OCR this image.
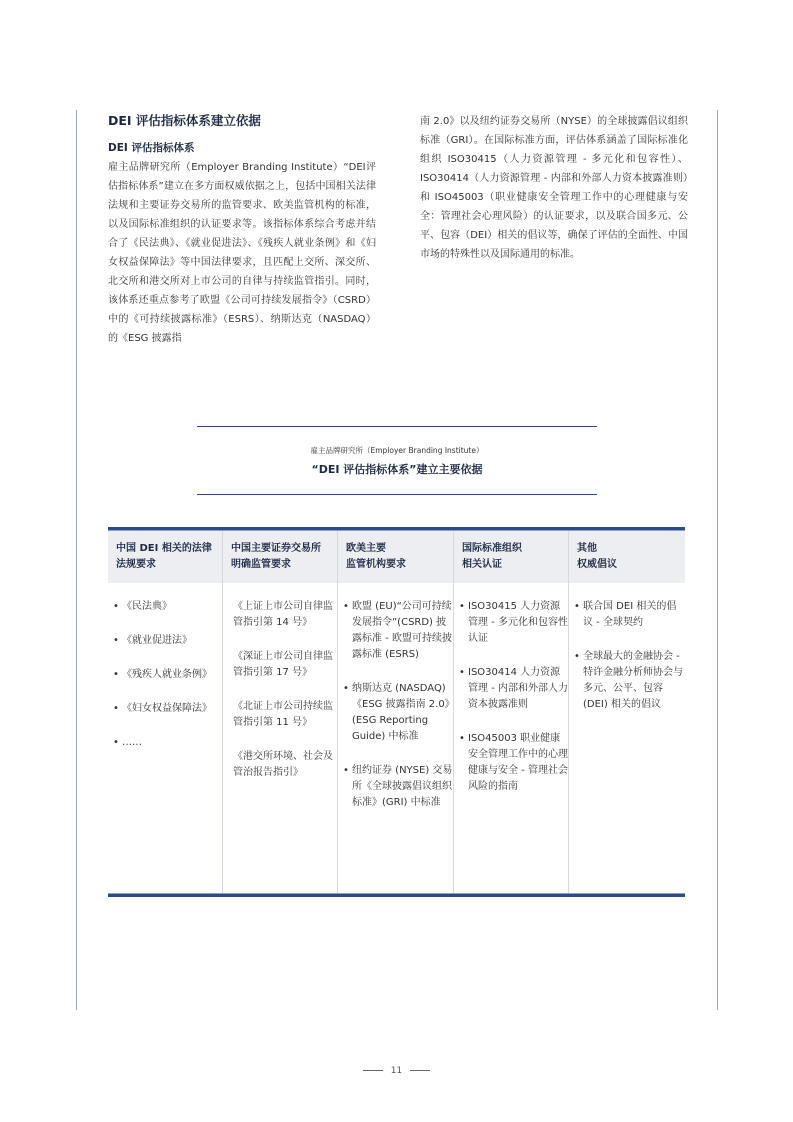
DEI 评估指标体系建立依据
DEI 评估指标体系

雇主品牌研究所（Employer Branding Institute）“DEI评估指标体系”建立在多方面权威依据之上，包括中国相关法律法规和主要证券交易所的监管要求、欧美监管机构的标准，以及国际标准组织的认证要求等。该指标体系综合考虑并结合了《民法典》、《就业促进法》、《残疾人就业条例》和《妇女权益保障法》等中国法律要求，且匹配上交所、深交所、北交所和港交所对上市公司的自律与持续监管指引。同时，该体系还重点参考了欧盟《公司可持续发展指令》（CSRD）中的《可持续披露标准》（ESRS）、纳斯达克（NASDAQ）的《ESG 披露指

南 2.0》以及纽约证券交易所（NYSE）的全球披露倡议组织标准（GRI）。在国际标准方面，评估体系涵盖了国际标准化组织 ISO30415（人力资源管理 - 多元化和包容性）、ISO30414（人力资源管理 - 内部和外部人力资本披露准则）和 ISO45003（职业健康安全管理工作中的心理健康与安全：管理社会心理风险）的认证要求，以及联合国多元、公平、包容（DEI）相关的倡议等，确保了评估的全面性、中国市场的特殊性以及国际通用的标准。

雇主品牌研究所（Employer Branding Institute）
“DEI 评估指标体系”建立主要依据
中国 DEI 相关的法律
法规要求
中国主要证券交易所
明确监管要求
欧美主要
监管机构要求
国际标准组织
相关认证
其他
权威倡议
• 《民法典》
• 《就业促进法》
• 《残疾人就业条例》
• 《妇女权益保障法》
• ……
《上证上市公司自律监管指引第 14 号》
《深证上市公司自律监管指引第 17 号》
《北证上市公司持续监管指引第 11 号》
《港交所环境、社会及管治报告指引》
• 欧盟 (EU)“公司可持续发展指令”(CSRD) 披露标准 - 欧盟可持续披露标准 (ESRS)
• 纳斯达克 (NASDAQ)《ESG 披露指南 2.0》(ESG Reporting Guide) 中标准
• 纽约证券 (NYSE) 交易所《全球披露倡议组织标准》(GRI) 中标准
• ISO30415 人力资源管理 - 多元化和包容性认证
• ISO30414 人力资源管理 - 内部和外部人力资本披露准则
• ISO45003 职业健康安全管理工作中的心理健康与安全 - 管理社会风险的指南
• 联合国 DEI 相关的倡议 - 全球契约
• 全球最大的金融协会 - 特许金融分析师协会与多元、公平、包容 (DEI) 相关的倡议
11
